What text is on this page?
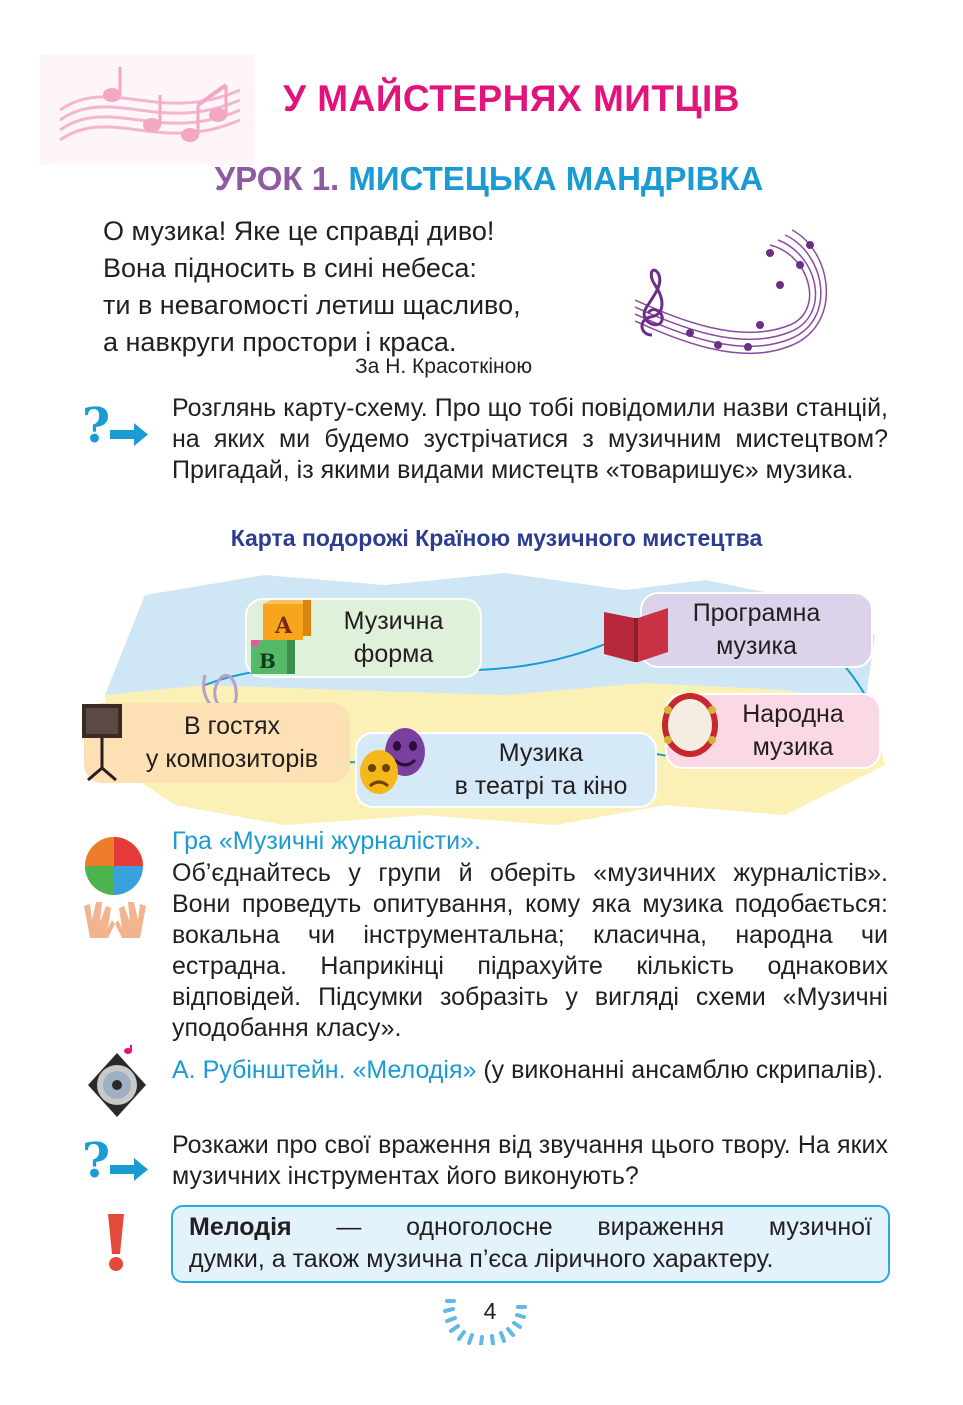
У МАЙСТЕРНЯХ МИТЦІВ
УРОК 1. МИСТЕЦЬКА МАНДРІВКА
О музика! Яке це справді диво!
Вона підносить в сині небеса:
ти в невагомості летиш щасливо,
а навкруги простори і краса.
За Н. Красоткіною
? Розглянь карту-схему. Про що тобі повідомили назви станцій, на яких ми будемо зустрічатися з музичним мистецтвом? Пригадай, із якими видами мистецтв «товаришує» музика.
Карта подорожі Країною музичного мистецтва
Музична
форма
A
B
Програмна
музика
В гостях
у композиторів	Музика
в театрі та кіно
Народна
музика
Гра «Музичні журналісти».
Об’єднайтесь у групи й оберіть «музичних журналістів». Вони проведуть опитування, кому яка музика подобається: вокальна чи інструментальна; класична, народна чи естрадна. Наприкінці підрахуйте кількість однакових відповідей. Підсумки зобразіть у вигляді схеми «Музичні уподобання класу».
А. Рубінштейн. «Мелодія» (у виконанні ансамблю скрипалів).
? Розкажи про свої враження від звучання цього твору. На яких музичних інструментах його виконують?
Мелодія — одноголосне вираження музичної
думки, а також музична п’єса ліричного характеру.
4
